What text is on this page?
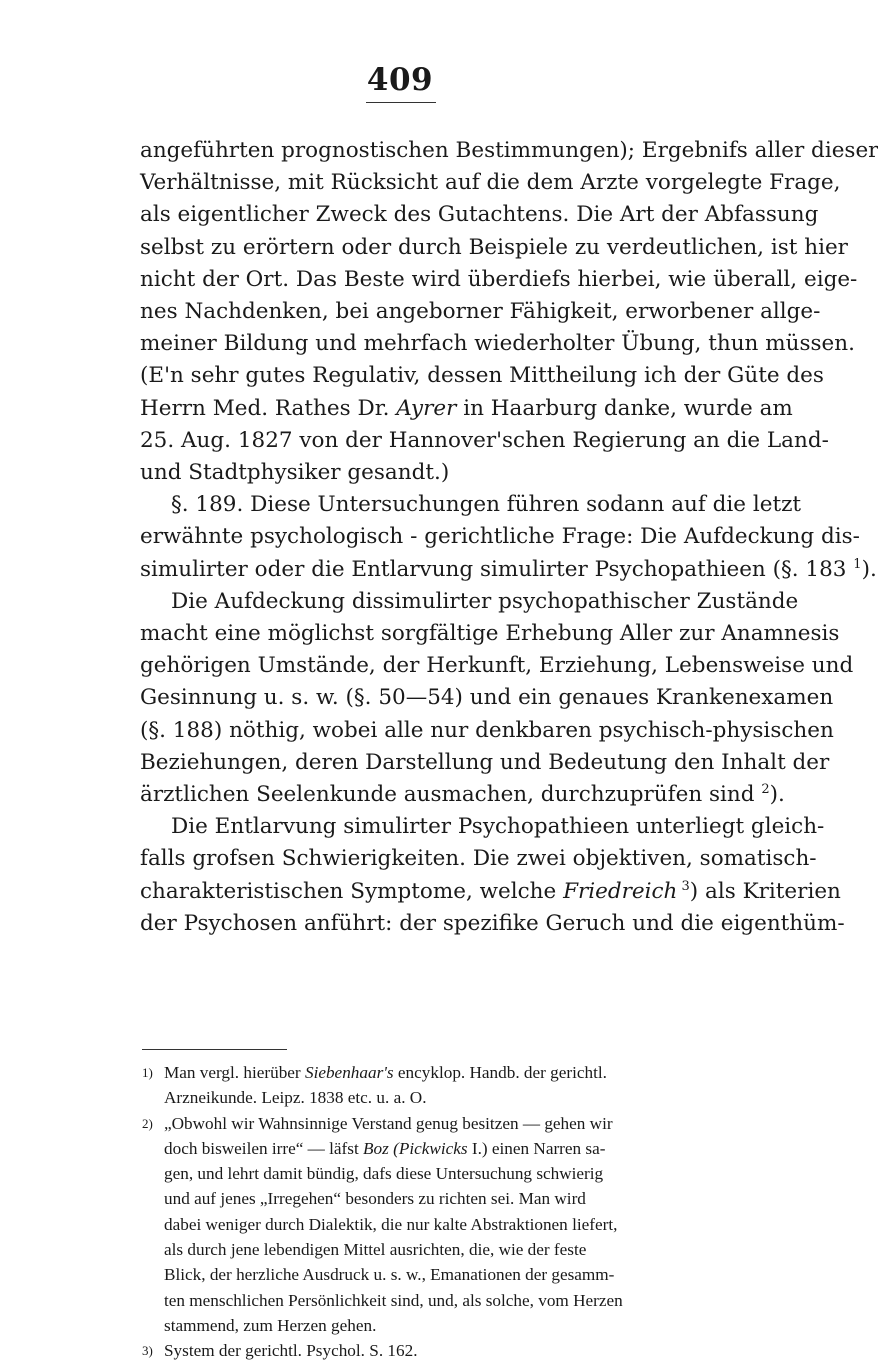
409
angeführten prognostischen Bestimmungen); Ergebnifs aller dieser
Verhältnisse, mit Rücksicht auf die dem Arzte vorgelegte Frage,
als eigentlicher Zweck des Gutachtens. Die Art der Abfassung
selbst zu erörtern oder durch Beispiele zu verdeutlichen, ist hier
nicht der Ort. Das Beste wird überdiefs hierbei, wie überall, eige-
nes Nachdenken, bei angeborner Fähigkeit, erworbener allge-
meiner Bildung und mehrfach wiederholter Übung, thun müssen.
(E'n sehr gutes Regulativ, dessen Mittheilung ich der Güte des
Herrn Med. Rathes Dr. Ayrer in Haarburg danke, wurde am
25. Aug. 1827 von der Hannover'schen Regierung an die Land-
und Stadtphysiker gesandt.)
§. 189. Diese Untersuchungen führen sodann auf die letzt
erwähnte psychologisch - gerichtliche Frage: Die Aufdeckung dis-
simulirter oder die Entlarvung simulirter Psychopathieen (§. 183 $^1$).
Die Aufdeckung dissimulirter psychopathischer Zustände
macht eine möglichst sorgfältige Erhebung Aller zur Anamnesis
gehörigen Umstände, der Herkunft, Erziehung, Lebensweise und
Gesinnung u. s. w. (§. 50—54) und ein genaues Krankenexamen
(§. 188) nöthig, wobei alle nur denkbaren psychisch-physischen
Beziehungen, deren Darstellung und Bedeutung den Inhalt der
ärztlichen Seelenkunde ausmachen, durchzuprüfen sind $^2$).
Die Entlarvung simulirter Psychopathieen unterliegt gleich-
falls grofsen Schwierigkeiten. Die zwei objektiven, somatisch-
charakteristischen Symptome, welche Friedreich $^3$) als Kriterien
der Psychosen anführt: der spezifike Geruch und die eigenthüm-

1) Man vergl. hierüber Siebenhaar's encyklop. Handb. der gerichtl.

Arzneikunde. Leipz. 1838 etc. u. a. O.

2) „Obwohl wir Wahnsinnige Verstand genug besitzen — gehen wir

doch bisweilen irre“ — läfst Boz (Pickwicks I.) einen Narren sa-

gen, und lehrt damit bündig, dafs diese Untersuchung schwierig

und auf jenes „Irregehen“ besonders zu richten sei. Man wird

dabei weniger durch Dialektik, die nur kalte Abstraktionen liefert,

als durch jene lebendigen Mittel ausrichten, die, wie der feste

Blick, der herzliche Ausdruck u. s. w., Emanationen der gesamm-

ten menschlichen Persönlichkeit sind, und, als solche, vom Herzen

stammend, zum Herzen gehen.

3) System der gerichtl. Psychol. S. 162.
